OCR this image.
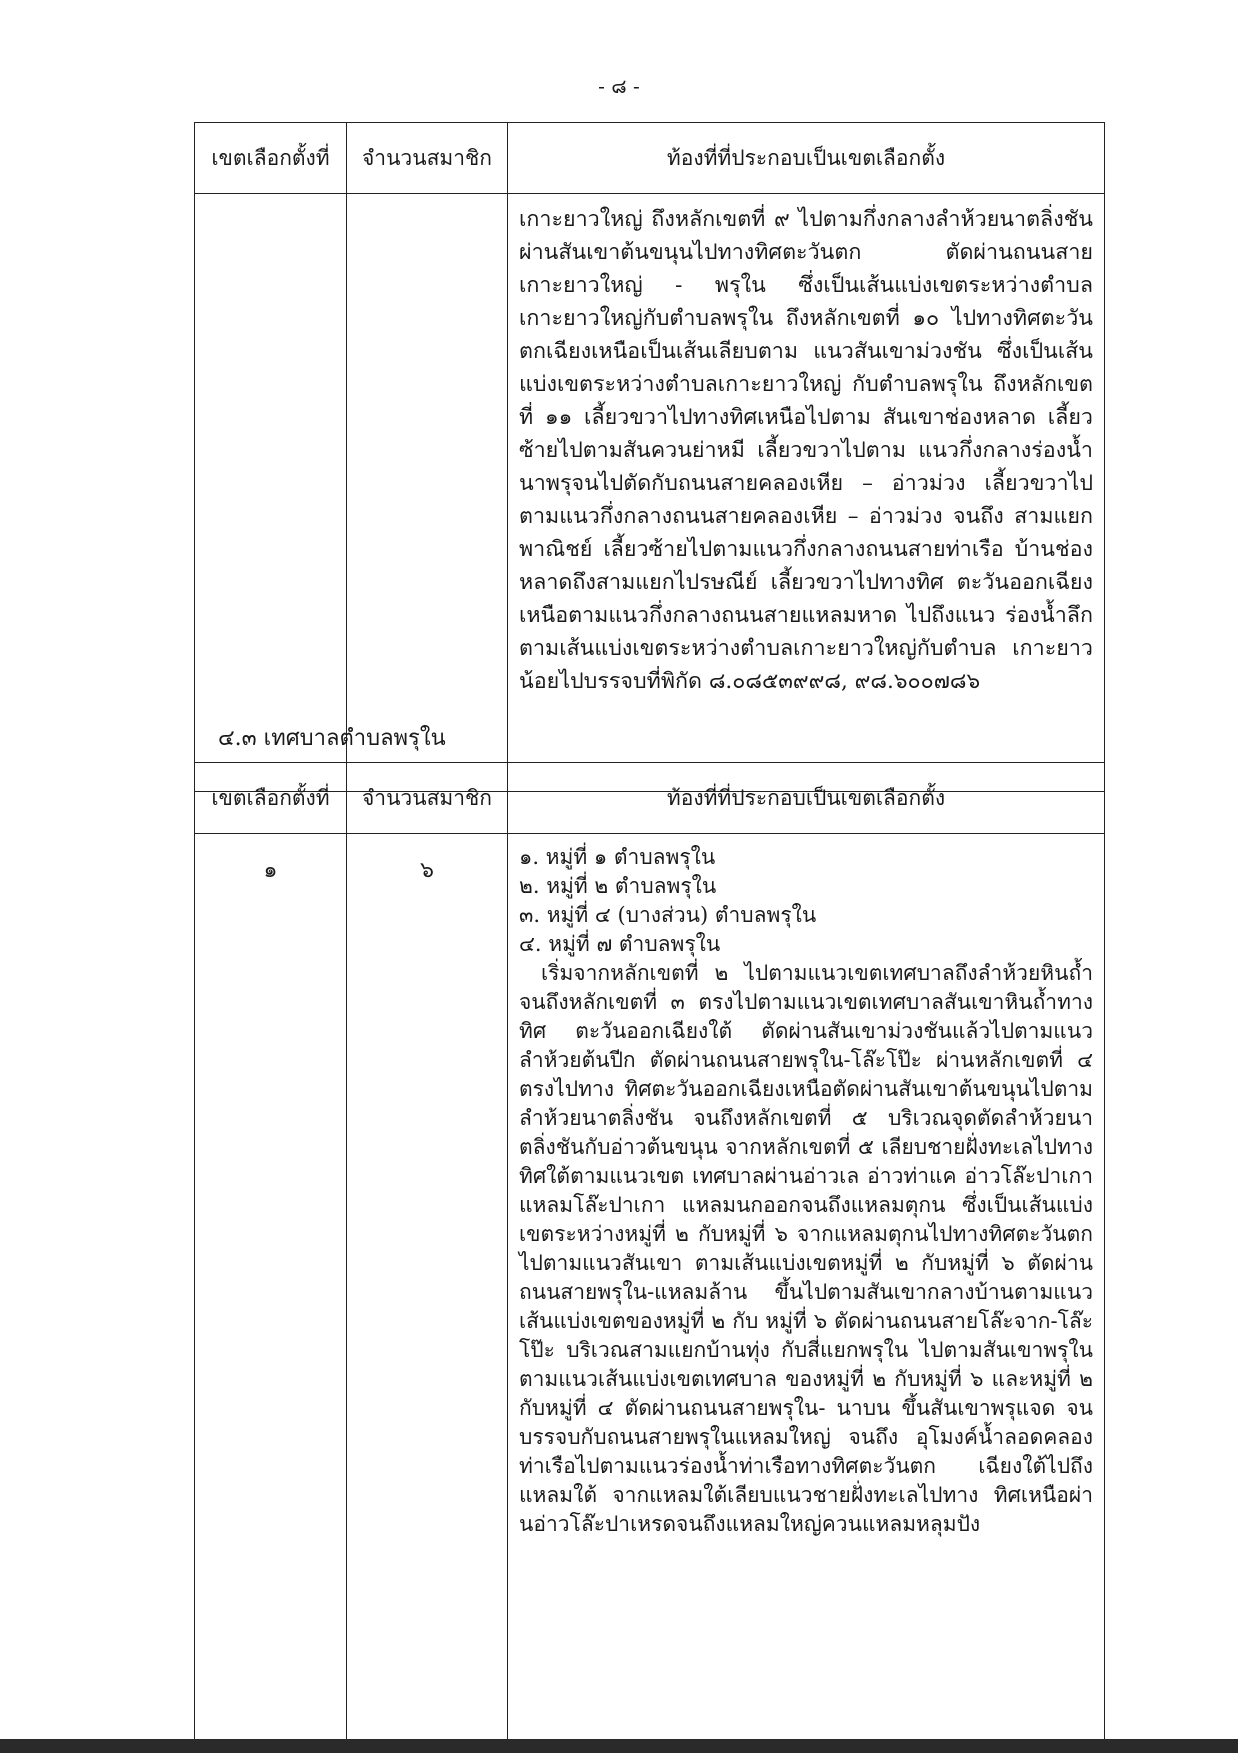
- ๘ -
เขตเลือกตั้งที่	จำนวนสมาชิก	ท้องที่ที่ประกอบเป็นเขตเลือกตั้ง

		เกาะยาวใหญ่ ถึงหลักเขตที่ ๙ ไปตามกึ่งกลางลำห้วยนาตลิ่งชัน ผ่านสันเขาต้นขนุนไปทางทิศตะวันตก ตัดผ่านถนนสายเกาะยาวใหญ่ - พรุใน ซึ่งเป็นเส้นแบ่งเขตระหว่างตำบลเกาะยาวใหญ่กับตำบลพรุใน ถึงหลักเขตที่ ๑๐ ไปทางทิศตะวันตกเฉียงเหนือเป็นเส้นเลียบตาม แนวสันเขาม่วงชัน ซึ่งเป็นเส้นแบ่งเขตระหว่างตำบลเกาะยาวใหญ่ กับตำบลพรุใน ถึงหลักเขตที่ ๑๑ เลี้ยวขวาไปทางทิศเหนือไปตาม สันเขาช่องหลาด เลี้ยวซ้ายไปตามสันควนย่าหมี เลี้ยวขวาไปตาม แนวกึ่งกลางร่องน้ำนาพรุจนไปตัดกับถนนสายคลองเหีย – อ่าวม่วง เลี้ยวขวาไปตามแนวกึ่งกลางถนนสายคลองเหีย – อ่าวม่วง จนถึง สามแยกพาณิชย์ เลี้ยวซ้ายไปตามแนวกึ่งกลางถนนสายท่าเรือ บ้านช่องหลาดถึงสามแยกไปรษณีย์ เลี้ยวขวาไปทางทิศ ตะวันออกเฉียงเหนือตามแนวกึ่งกลางถนนสายแหลมหาด ไปถึงแนว ร่องน้ำลึกตามเส้นแบ่งเขตระหว่างตำบลเกาะยาวใหญ่กับตำบล เกาะยาวน้อยไปบรรจบที่พิกัด ๘.๐๘๕๓๙๙๘, ๙๘.๖๐๐๗๘๖
๔.๓ เทศบาลตำบลพรุใน
เขตเลือกตั้งที่	จำนวนสมาชิก	ท้องที่ที่ประกอบเป็นเขตเลือกตั้ง
๑	๖	๑. หมู่ที่ ๑ ตำบลพรุใน
๒. หมู่ที่ ๒ ตำบลพรุใน
๓. หมู่ที่ ๔ (บางส่วน) ตำบลพรุใน
๔. หมู่ที่ ๗ ตำบลพรุใน
เริ่มจากหลักเขตที่ ๒ ไปตามแนวเขตเทศบาลถึงลำห้วยหินถ้ำ จนถึงหลักเขตที่ ๓ ตรงไปตามแนวเขตเทศบาลสันเขาหินถ้ำทางทิศ ตะวันออกเฉียงใต้ ตัดผ่านสันเขาม่วงชันแล้วไปตามแนวลำห้วยต้นปีก ตัดผ่านถนนสายพรุใน-โล๊ะโป๊ะ ผ่านหลักเขตที่ ๔ ตรงไปทาง ทิศตะวันออกเฉียงเหนือตัดผ่านสันเขาต้นขนุนไปตามลำห้วยนาตลิ่งชัน จนถึงหลักเขตที่ ๕ บริเวณจุดตัดลำห้วยนาตลิ่งชันกับอ่าวต้นขนุน จากหลักเขตที่ ๕ เลียบชายฝั่งทะเลไปทางทิศใต้ตามแนวเขต เทศบาลผ่านอ่าวเล อ่าวท่าแค อ่าวโล๊ะปาเกา แหลมโล๊ะปาเกา แหลมนกออกจนถึงแหลมตุกน ซึ่งเป็นเส้นแบ่งเขตระหว่างหมู่ที่ ๒ กับหมู่ที่ ๖ จากแหลมตุกนไปทางทิศตะวันตกไปตามแนวสันเขา ตามเส้นแบ่งเขตหมู่ที่ ๒ กับหมู่ที่ ๖ ตัดผ่านถนนสายพรุใน-แหลมล้าน ขึ้นไปตามสันเขากลางบ้านตามแนวเส้นแบ่งเขตของหมู่ที่ ๒ กับ หมู่ที่ ๖ ตัดผ่านถนนสายโล๊ะจาก-โล๊ะโป๊ะ บริเวณสามแยกบ้านทุ่ง กับสี่แยกพรุใน ไปตามสันเขาพรุในตามแนวเส้นแบ่งเขตเทศบาล ของหมู่ที่ ๒ กับหมู่ที่ ๖ และหมู่ที่ ๒ กับหมู่ที่ ๔ ตัดผ่านถนนสายพรุใน- นาบน ขึ้นสันเขาพรุแจด จนบรรจบกับถนนสายพรุในแหลมใหญ่ จนถึง อุโมงค์น้ำลอดคลองท่าเรือไปตามแนวร่องน้ำท่าเรือทางทิศตะวันตก เฉียงใต้ไปถึงแหลมใต้ จากแหลมใต้เลียบแนวชายฝั่งทะเลไปทาง ทิศเหนือผ่านอ่าวโล๊ะปาเหรดจนถึงแหลมใหญ่ควนแหลมหลุมปัง
